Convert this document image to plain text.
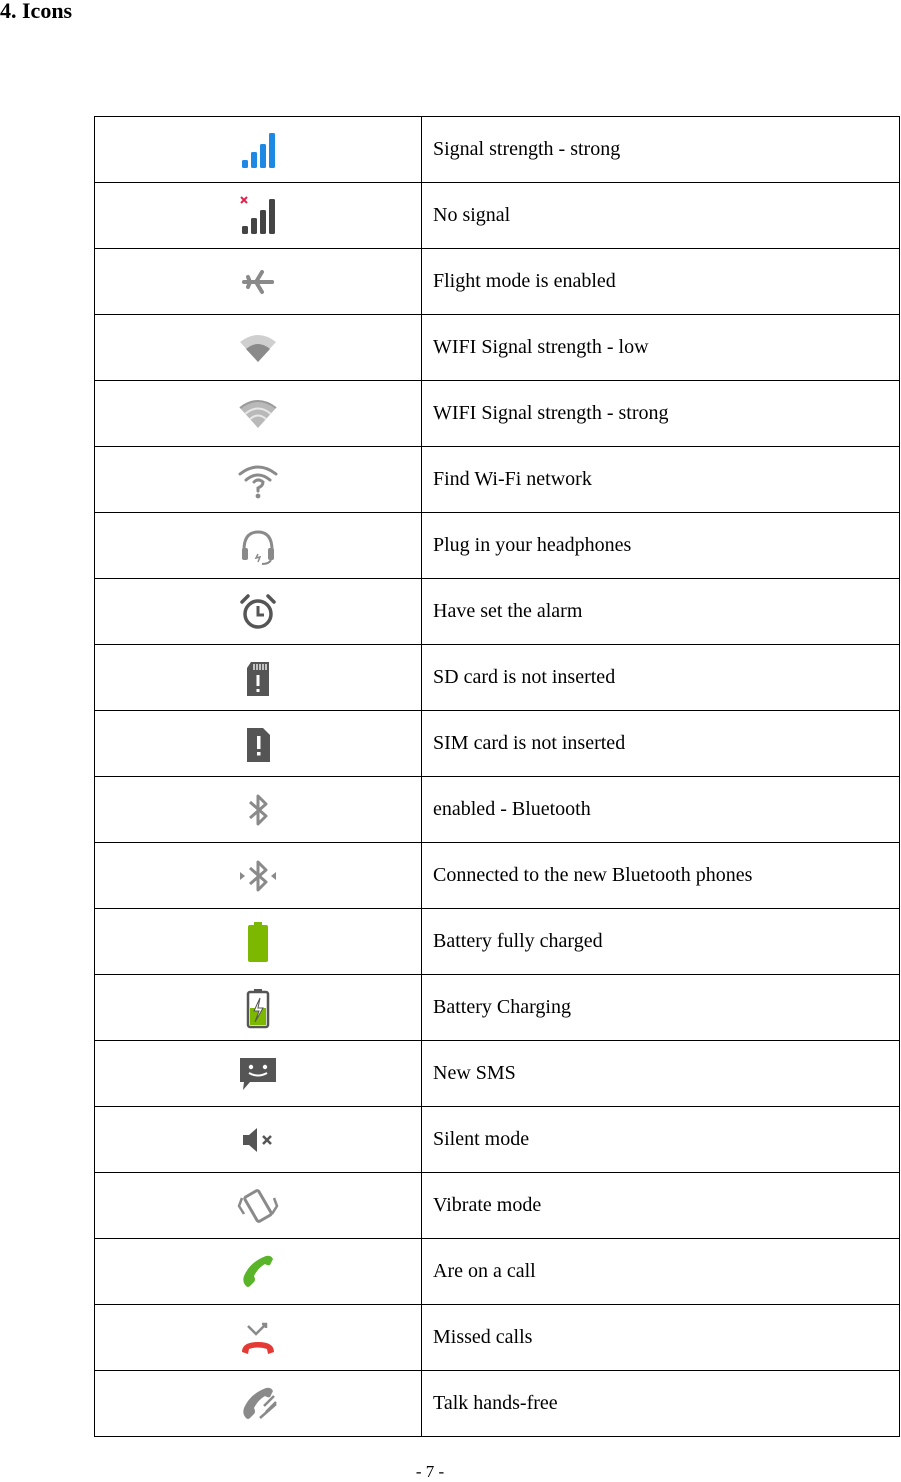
4. Icons
	Signal strength - strong

	No signal

	Flight mode is enabled

	WIFI Signal strength - low

	WIFI Signal strength - strong

	Find Wi-Fi network

	Plug in your headphones

	Have set the alarm

	SD card is not inserted

	SIM card is not inserted

	enabled - Bluetooth

	Connected to the new Bluetooth phones

	Battery fully charged

	Battery Charging

	New SMS

	Silent mode

	Vibrate mode

	Are on a call

	Missed calls

	Talk hands-free
- 7 -
